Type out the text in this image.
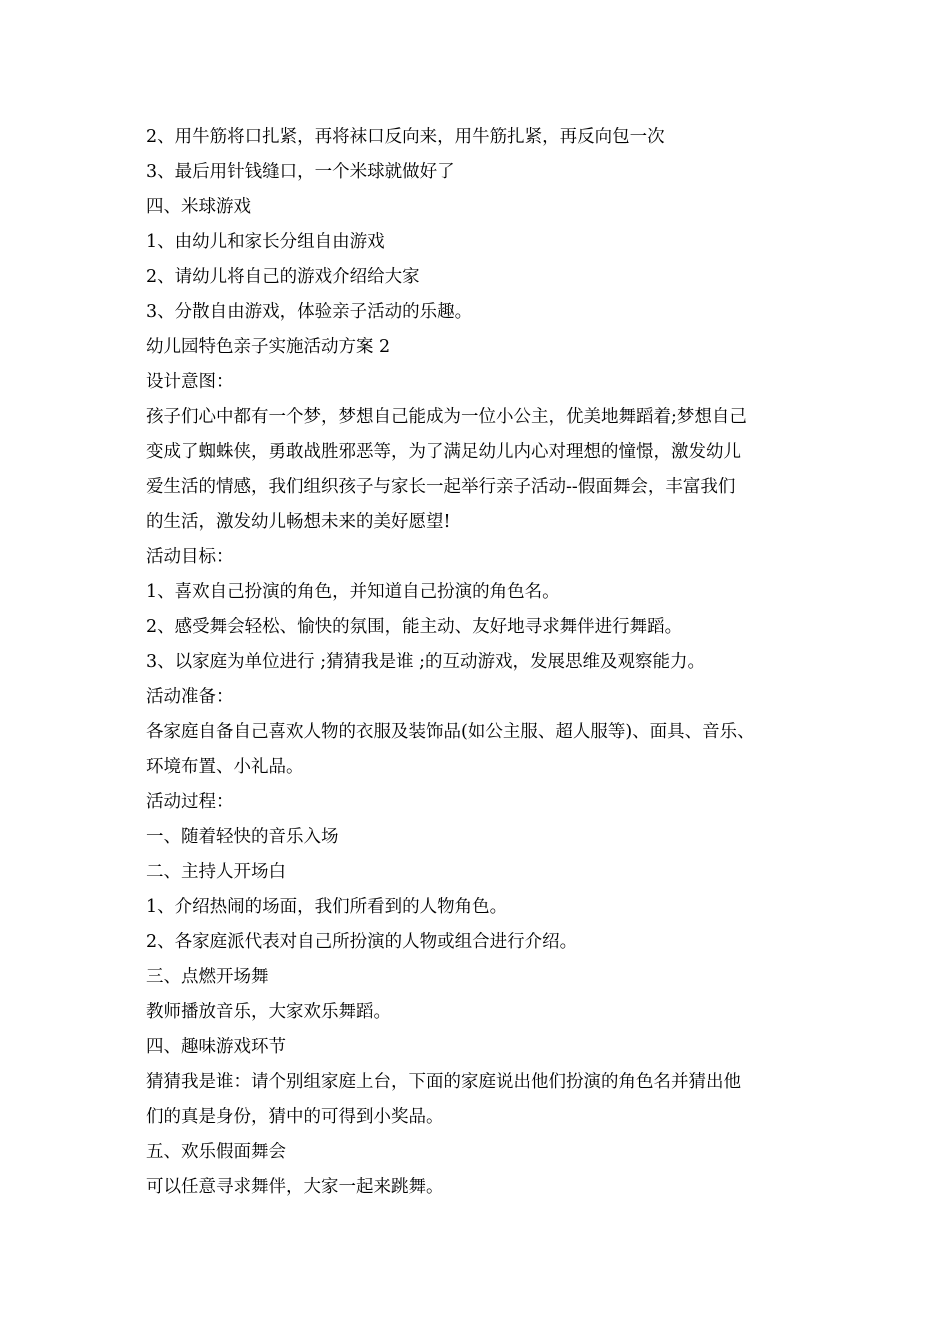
2、用牛筋将口扎紧，再将袜口反向来，用牛筋扎紧，再反向包一次
3、最后用针钱缝口，一个米球就做好了
四、米球游戏
1、由幼儿和家长分组自由游戏
2、请幼儿将自己的游戏介绍给大家
3、分散自由游戏，体验亲子活动的乐趣。
幼儿园特色亲子实施活动方案 2
设计意图：
孩子们心中都有一个梦，梦想自己能成为一位小公主，优美地舞蹈着;梦想自己
变成了蜘蛛侠，勇敢战胜邪恶等，为了满足幼儿内心对理想的憧憬，激发幼儿
爱生活的情感，我们组织孩子与家长一起举行亲子活动--假面舞会，丰富我们
的生活，激发幼儿畅想未来的美好愿望!
活动目标：
1、喜欢自己扮演的角色，并知道自己扮演的角色名。
2、感受舞会轻松、愉快的氛围，能主动、友好地寻求舞伴进行舞蹈。
3、以家庭为单位进行 ;猜猜我是谁 ;的互动游戏，发展思维及观察能力。
活动准备：
各家庭自备自己喜欢人物的衣服及装饰品(如公主服、超人服等)、面具、音乐、
环境布置、小礼品。
活动过程：
一、随着轻快的音乐入场
二、主持人开场白
1、介绍热闹的场面，我们所看到的人物角色。
2、各家庭派代表对自己所扮演的人物或组合进行介绍。
三、点燃开场舞
教师播放音乐，大家欢乐舞蹈。
四、趣味游戏环节
猜猜我是谁：请个别组家庭上台，下面的家庭说出他们扮演的角色名并猜出他
们的真是身份，猜中的可得到小奖品。
五、欢乐假面舞会
可以任意寻求舞伴，大家一起来跳舞。
